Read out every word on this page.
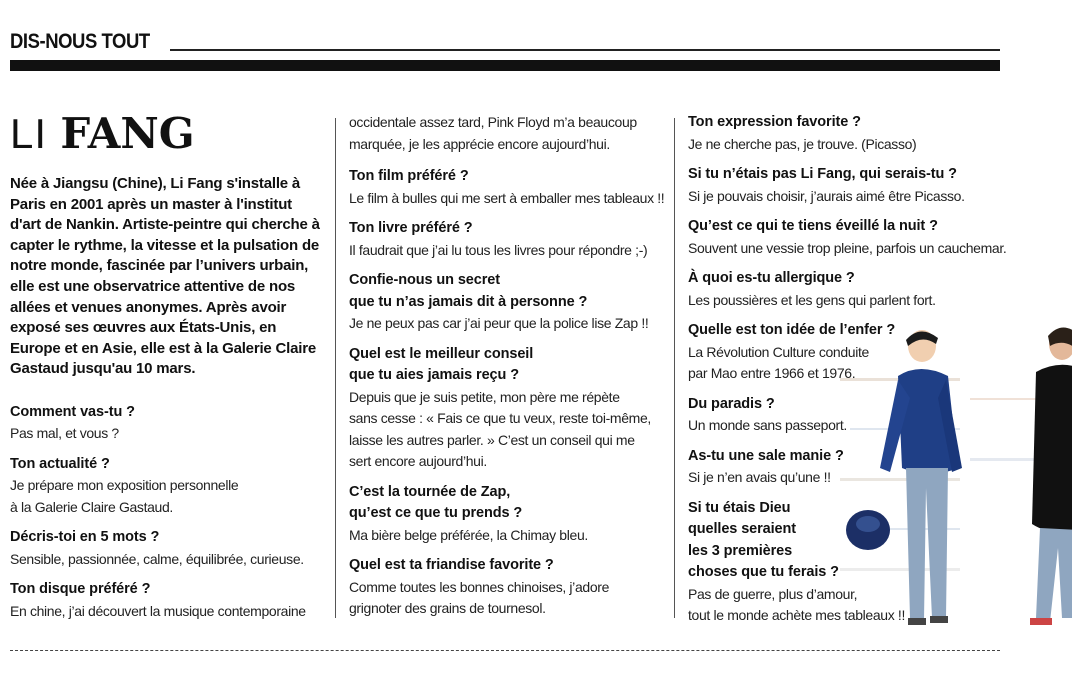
DIS-NOUS TOUT
LI FANG
Née à Jiangsu (Chine), Li Fang s'installe à Paris en 2001 après un master à l'institut d'art de Nankin. Artiste-peintre qui cherche à capter le rythme, la vitesse et la pulsation de notre monde, fascinée par l’univers urbain, elle est une observatrice attentive de nos allées et venues anonymes. Après avoir exposé ses œuvres aux États-Unis, en Europe et en Asie, elle est à la Galerie Claire Gastaud jusqu'au 10 mars.
Comment vas-tu ?
Pas mal, et vous ?
Ton actualité ?
Je prépare mon exposition personnelle
à la Galerie Claire Gastaud.
Décris-toi en 5 mots ?
Sensible, passionnée, calme, équilibrée, curieuse.
Ton disque préféré ?
En chine, j’ai découvert la musique contemporaine
occidentale assez tard, Pink Floyd m’a beaucoup
marquée, je les apprécie encore aujourd’hui.
Ton film préféré ?
Le film à bulles qui me sert à emballer mes tableaux !!
Ton livre préféré ?
Il faudrait que j’ai lu tous les livres pour répondre ;-)
Confie-nous un secret
que tu n’as jamais dit à personne ?
Je ne peux pas car j’ai peur que la police lise Zap !!
Quel est le meilleur conseil
que tu aies jamais reçu ?
Depuis que je suis petite, mon père me répète
sans cesse : « Fais ce que tu veux, reste toi-même,
laisse les autres parler. » C’est un conseil qui me
sert encore aujourd’hui.
C’est la tournée de Zap,
qu’est ce que tu prends ?
Ma bière belge préférée, la Chimay bleu.
Quel est ta friandise favorite ?
Comme toutes les bonnes chinoises, j’adore
grignoter des grains de tournesol.
Ton expression favorite ?
Je ne cherche pas, je trouve. (Picasso)
Si tu n’étais pas Li Fang, qui serais-tu ?
Si je pouvais choisir, j’aurais aimé être Picasso.
Qu’est ce qui te tiens éveillé la nuit ?
Souvent une vessie trop pleine, parfois un cauchemar.
À quoi es-tu allergique ?
Les poussières et les gens qui parlent fort.
Quelle est ton idée de l’enfer ?
La Révolution Culture conduite
par Mao entre 1966 et 1976.
Du paradis ?
Un monde sans passeport.
As-tu une sale manie ?
Si je n’en avais qu’une !!
Si tu étais Dieu
quelles seraient
les 3 premières
choses que tu ferais ?
Pas de guerre, plus d’amour,
tout le monde achète mes tableaux !!
